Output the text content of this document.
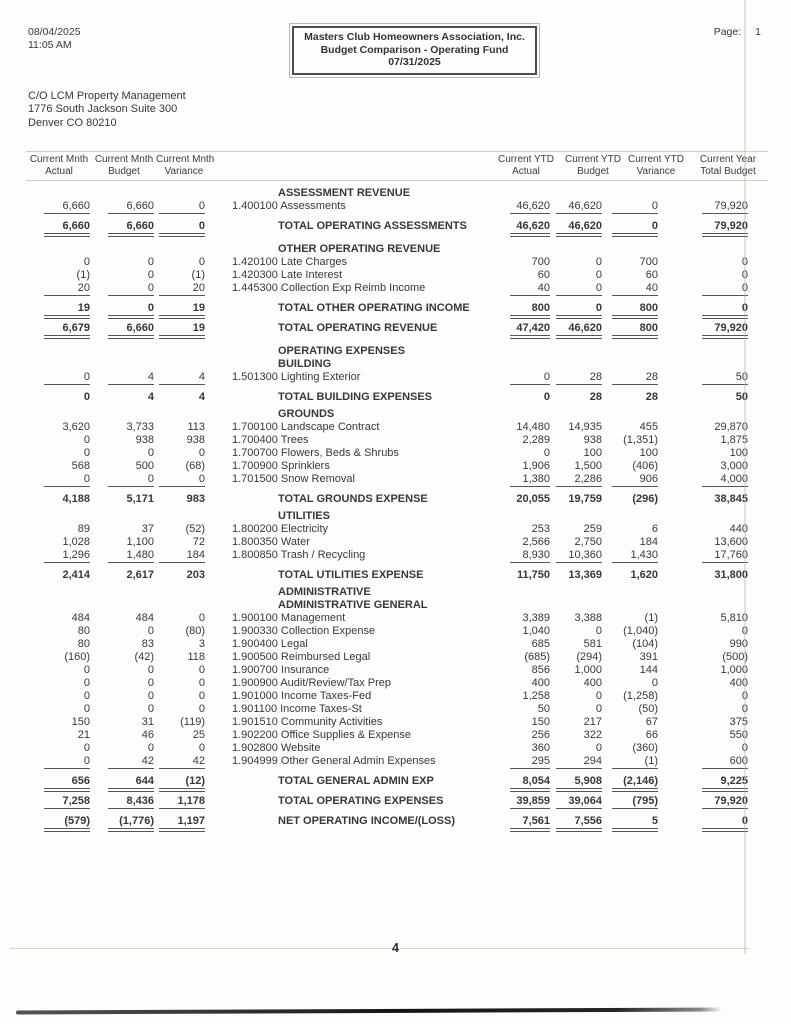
08/04/2025
11:05 AM
Masters Club Homeowners Association, Inc.
Budget Comparison - Operating Fund
07/31/2025
Page: 1
C/O LCM Property Management
1776 South Jackson Suite 300
Denver CO 80210
Current Mnth
Actual
Current Mnth
Budget
Current Mnth
Variance
Current YTD
Actual
Current YTD
Budget
Current YTD
Variance
Current Year
Total Budget
ASSESSMENT REVENUE
6,660	6,660	0	1.400100 Assessments	46,620	46,620	0	79,920
6,660	6,660	0	TOTAL OPERATING ASSESSMENTS	46,620	46,620	0	79,920
OTHER OPERATING REVENUE
0	0	0	1.420100 Late Charges	700	0	700	0
(1)	0	(1)	1.420300 Late Interest	60	0	60	0
20	0	20	1.445300 Collection Exp Reimb Income	40	0	40	0
19	0	19	TOTAL OTHER OPERATING INCOME	800	0	800	0
6,679	6,660	19	TOTAL OPERATING REVENUE	47,420	46,620	800	79,920
OPERATING EXPENSES
BUILDING
0	4	4	1.501300 Lighting Exterior	0	28	28	50
0	4	4	TOTAL BUILDING EXPENSES	0	28	28	50
GROUNDS
3,620	3,733	113	1.700100 Landscape Contract	14,480	14,935	455	29,870
0	938	938	1.700400 Trees	2,289	938	(1,351)	1,875
0	0	0	1.700700 Flowers, Beds & Shrubs	0	100	100	100
568	500	(68)	1.700900 Sprinklers	1,906	1,500	(406)	3,000
0	0	0	1.701500 Snow Removal	1,380	2,286	906	4,000
4,188	5,171	983	TOTAL GROUNDS EXPENSE	20,055	19,759	(296)	38,845
UTILITIES
89	37	(52)	1.800200 Electricity	253	259	6	440
1,028	1,100	72	1.800350 Water	2,566	2,750	184	13,600
1,296	1,480	184	1.800850 Trash / Recycling	8,930	10,360	1,430	17,760
2,414	2,617	203	TOTAL UTILITIES EXPENSE	11,750	13,369	1,620	31,800
ADMINISTRATIVE
ADMINISTRATIVE GENERAL
484	484	0	1.900100 Management	3,389	3,388	(1)	5,810
80	0	(80)	1.900330 Collection Expense	1,040	0	(1,040)	0
80	83	3	1.900400 Legal	685	581	(104)	990
(160)	(42)	118	1.900500 Reimbursed Legal	(685)	(294)	391	(500)
0	0	0	1.900700 Insurance	856	1,000	144	1,000
0	0	0	1.900900 Audit/Review/Tax Prep	400	400	0	400
0	0	0	1.901000 Income Taxes-Fed	1,258	0	(1,258)	0
0	0	0	1.901100 Income Taxes-St	50	0	(50)	0
150	31	(119)	1.901510 Community Activities	150	217	67	375
21	46	25	1.902200 Office Supplies & Expense	256	322	66	550
0	0	0	1.902800 Website	360	0	(360)	0
0	42	42	1.904999 Other General Admin Expenses	295	294	(1)	600
656	644	(12)	TOTAL GENERAL ADMIN EXP	8,054	5,908	(2,146)	9,225
7,258	8,436	1,178	TOTAL OPERATING EXPENSES	39,859	39,064	(795)	79,920
(579)	(1,776)	1,197	NET OPERATING INCOME/(LOSS)	7,561	7,556	5	0
4
